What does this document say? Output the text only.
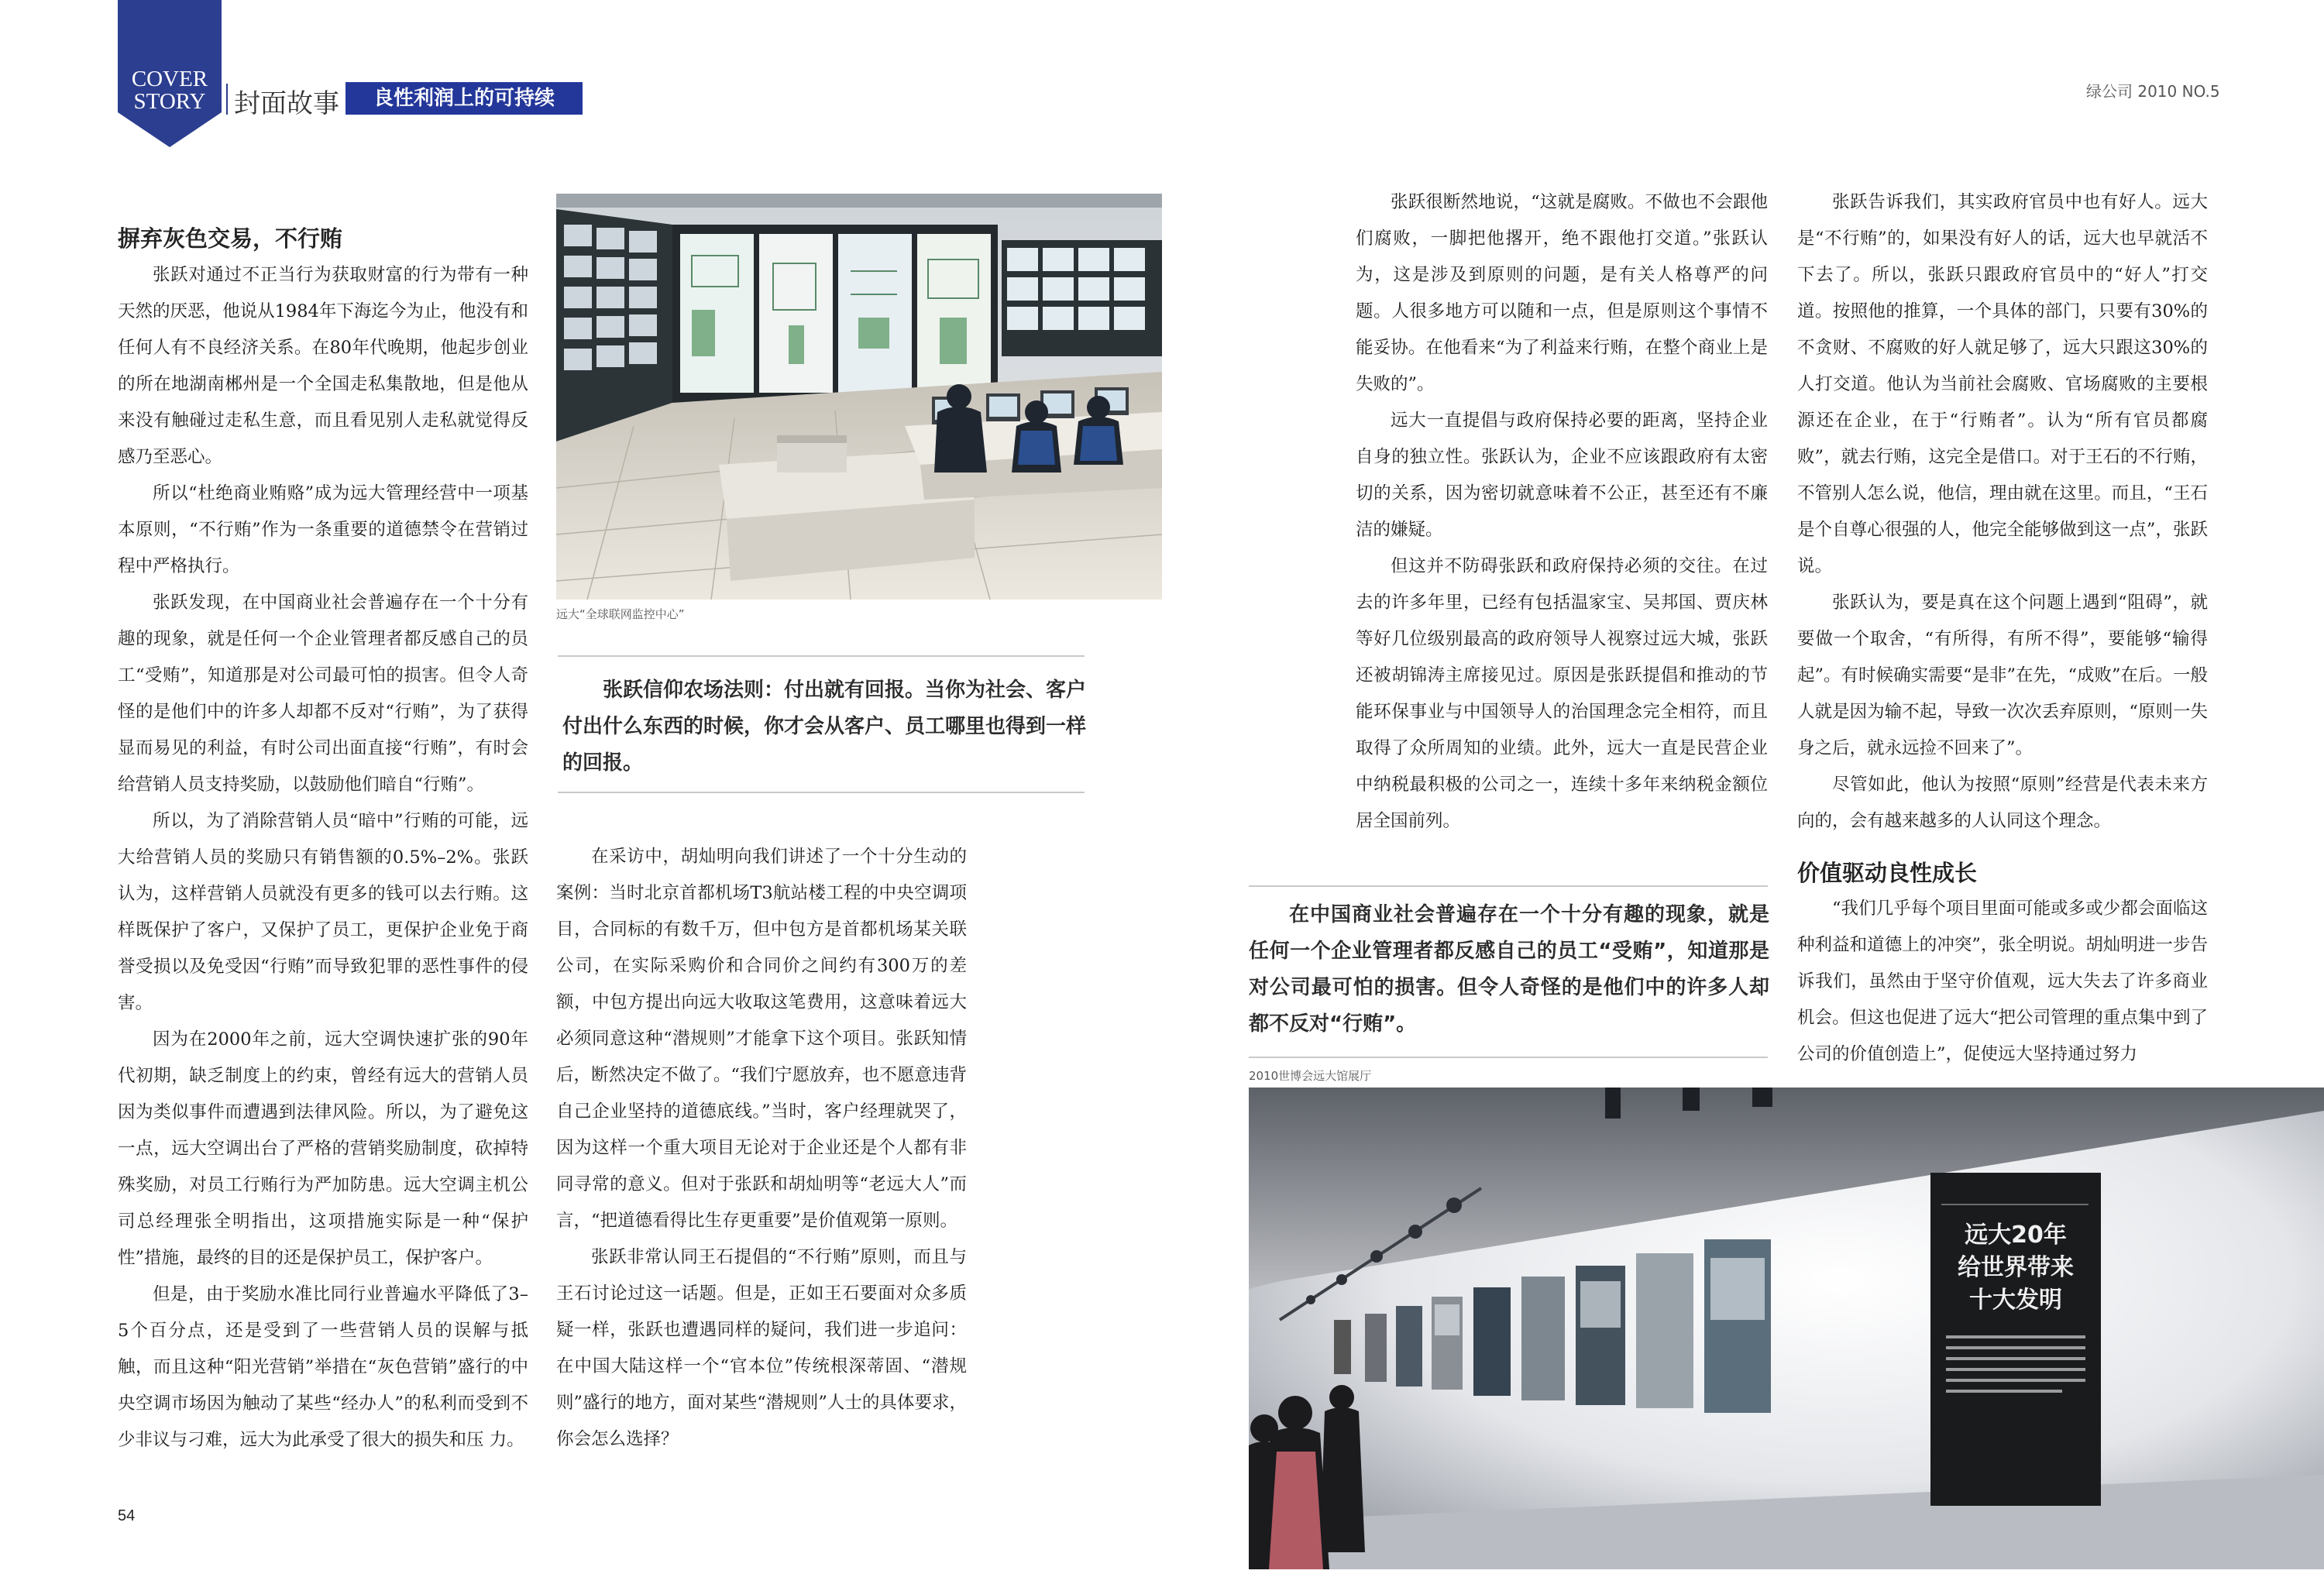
COVER
STORY	封面故事	良性利润上的可持续	绿公司 2010 NO.5
摒弃灰色交易，不行贿

张跃对通过不正当行为获取财富的行为带有一种天然的厌恶，他说从1984年下海迄今为止，他没有和任何人有不良经济关系。在80年代晚期，他起步创业的所在地湖南郴州是一个全国走私集散地，但是他从来没有触碰过走私生意，而且看见别人走私就觉得反感乃至恶心。

所以“杜绝商业贿赂”成为远大管理经营中一项基本原则，“不行贿”作为一条重要的道德禁令在营销过程中严格执行。

张跃发现，在中国商业社会普遍存在一个十分有趣的现象，就是任何一个企业管理者都反感自己的员工“受贿”，知道那是对公司最可怕的损害。但令人奇怪的是他们中的许多人却都不反对“行贿”，为了获得显而易见的利益，有时公司出面直接“行贿”，有时会给营销人员支持奖励，以鼓励他们暗自“行贿”。

所以，为了消除营销人员“暗中”行贿的可能，远大给营销人员的奖励只有销售额的0.5%–2%。张跃认为，这样营销人员就没有更多的钱可以去行贿。这样既保护了客户，又保护了员工，更保护企业免于商誉受损以及免受因“行贿”而导致犯罪的恶性事件的侵害。

因为在2000年之前，远大空调快速扩张的90年代初期，缺乏制度上的约束，曾经有远大的营销人员因为类似事件而遭遇到法律风险。所以，为了避免这一点，远大空调出台了严格的营销奖励制度，砍掉特殊奖励，对员工行贿行为严加防患。远大空调主机公司总经理张全明指出，这项措施实际是一种“保护性”措施，最终的目的还是保护员工，保护客户。

但是，由于奖励水准比同行业普遍水平降低了3–5个百分点，还是受到了一些营销人员的误解与抵触，而且这种“阳光营销”举措在“灰色营销”盛行的中央空调市场因为触动了某些“经办人”的私利而受到不少非议与刁难，远大为此承受了很大的损失和压 力。

远大“全球联网监控中心”
张跃信仰农场法则：付出就有回报。当你为社会、客户付出什么东西的时候，你才会从客户、员工哪里也得到一样的回报。

在采访中，胡灿明向我们讲述了一个十分生动的案例：当时北京首都机场T3航站楼工程的中央空调项目，合同标的有数千万，但中包方是首都机场某关联公司，在实际采购价和合同价之间约有300万的差额，中包方提出向远大收取这笔费用，这意味着远大必须同意这种“潜规则”才能拿下这个项目。张跃知情后，断然决定不做了。“我们宁愿放弃，也不愿意违背自己企业坚持的道德底线。”当时，客户经理就哭了，因为这样一个重大项目无论对于企业还是个人都有非同寻常的意义。但对于张跃和胡灿明等“老远大人”而言，“把道德看得比生存更重要”是价值观第一原则。

张跃非常认同王石提倡的“不行贿”原则，而且与王石讨论过这一话题。但是，正如王石要面对众多质疑一样，张跃也遭遇同样的疑问，我们进一步追问：在中国大陆这样一个“官本位”传统根深蒂固、“潜规则”盛行的地方，面对某些“潜规则”人士的具体要求，你会怎么选择？

张跃很断然地说，“这就是腐败。不做也不会跟他们腐败，一脚把他撂开，绝不跟他打交道。”张跃认为，这是涉及到原则的问题，是有关人格尊严的问题。人很多地方可以随和一点，但是原则这个事情不能妥协。在他看来“为了利益来行贿，在整个商业上是失败的”。

远大一直提倡与政府保持必要的距离，坚持企业自身的独立性。张跃认为，企业不应该跟政府有太密切的关系，因为密切就意味着不公正，甚至还有不廉洁的嫌疑。

但这并不防碍张跃和政府保持必须的交往。在过去的许多年里，已经有包括温家宝、吴邦国、贾庆林等好几位级别最高的政府领导人视察过远大城，张跃还被胡锦涛主席接见过。原因是张跃提倡和推动的节能环保事业与中国领导人的治国理念完全相符，而且取得了众所周知的业绩。此外，远大一直是民营企业中纳税最积极的公司之一，连续十多年来纳税金额位居全国前列。

张跃告诉我们，其实政府官员中也有好人。远大是“不行贿”的，如果没有好人的话，远大也早就活不下去了。所以，张跃只跟政府官员中的“好人”打交道。按照他的推算，一个具体的部门，只要有30%的不贪财、不腐败的好人就足够了，远大只跟这30%的人打交道。他认为当前社会腐败、官场腐败的主要根源还在企业，在于“行贿者”。认为“所有官员都腐败”，就去行贿，这完全是借口。对于王石的不行贿，不管别人怎么说，他信，理由就在这里。而且，“王石是个自尊心很强的人，他完全能够做到这一点”，张跃说。

张跃认为，要是真在这个问题上遇到“阻碍”，就要做一个取舍，“有所得，有所不得”，要能够“输得起”。有时候确实需要“是非”在先，“成败”在后。一般人就是因为输不起，导致一次次丢弃原则，“原则一失身之后，就永远捡不回来了”。

尽管如此，他认为按照“原则”经营是代表未来方向的，会有越来越多的人认同这个理念。

价值驱动良性成长

“我们几乎每个项目里面可能或多或少都会面临这种利益和道德上的冲突”，张全明说。胡灿明进一步告诉我们，虽然由于坚守价值观，远大失去了许多商业机会。但这也促进了远大“把公司管理的重点集中到了公司的价值创造上”，促使远大坚持通过努力

在中国商业社会普遍存在一个十分有趣的现象，就是任何一个企业管理者都反感自己的员工“受贿”，知道那是对公司最可怕的损害。但令人奇怪的是他们中的许多人却都不反对“行贿”。
2010世博会远大馆展厅
远大20年
给世界带来
十大发明
54
